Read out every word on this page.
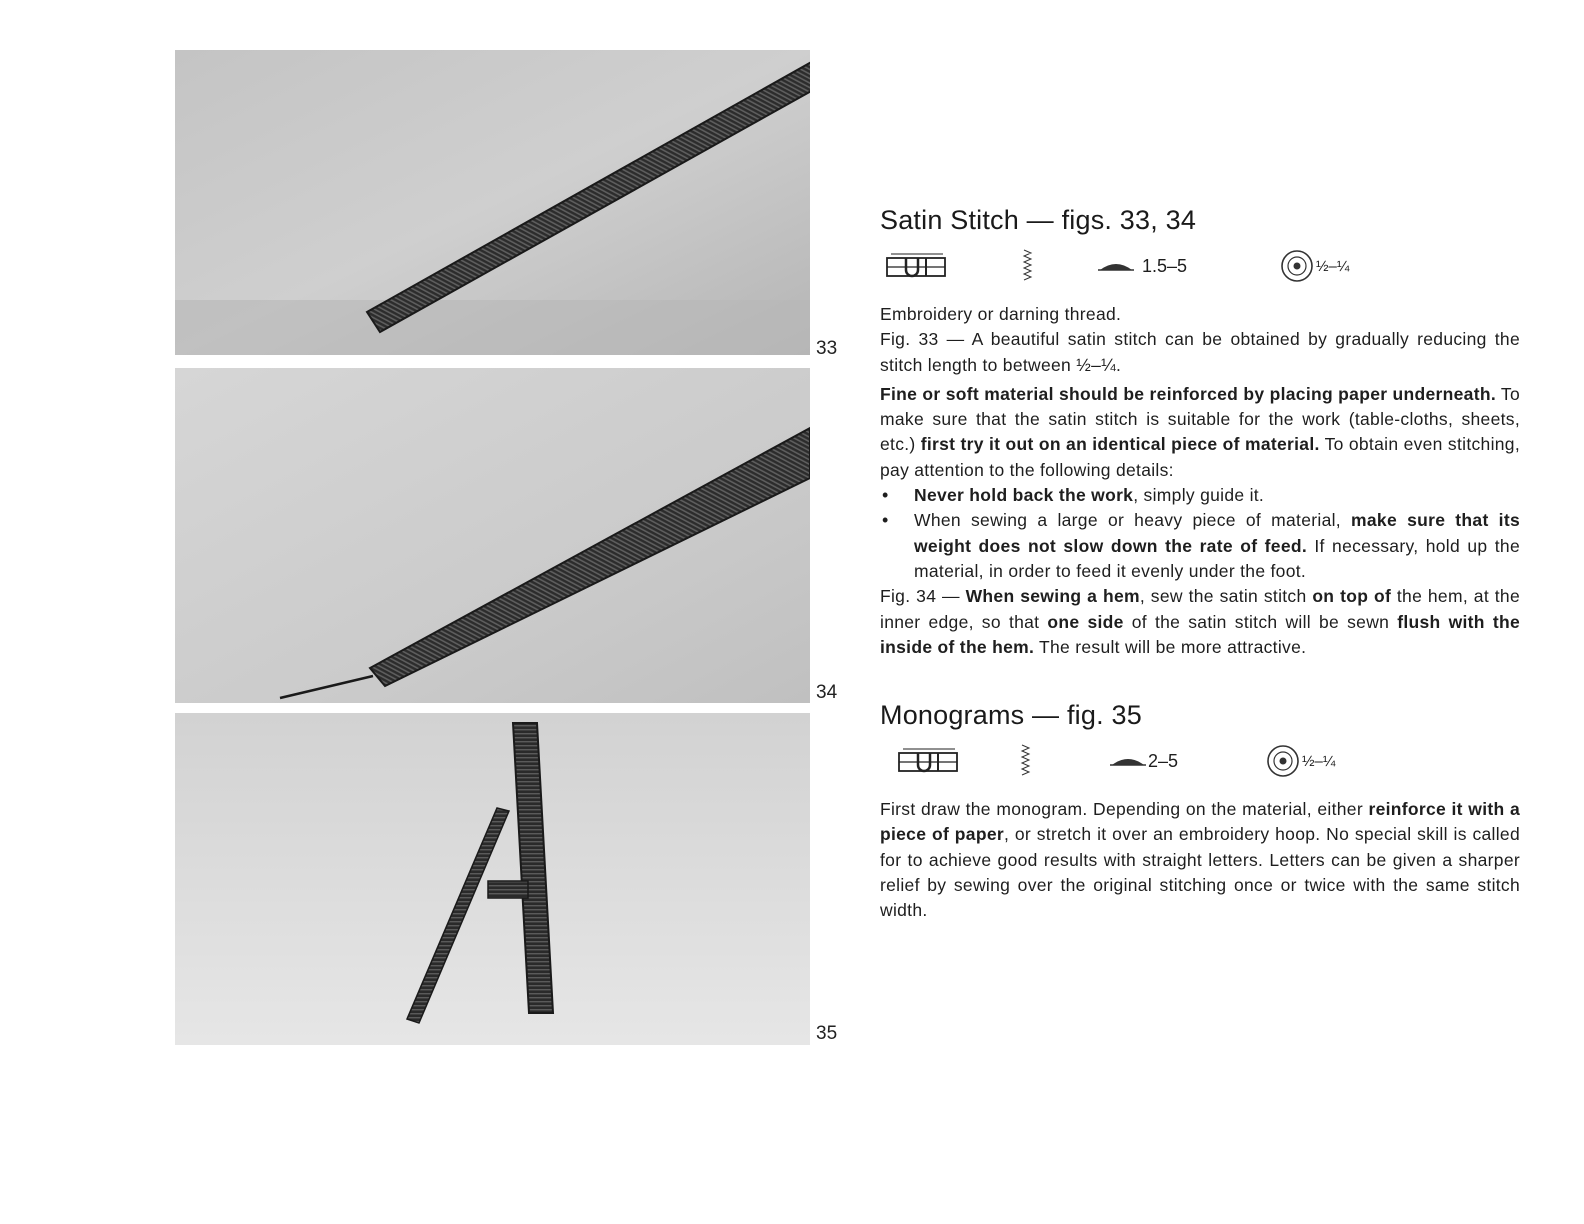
33
34
35
Satin Stitch — figs. 33, 34
1.5–5	½–¼

Embroidery or darning thread.
Fig. 33 — A beautiful satin stitch can be obtained by gradually reducing the stitch length to between ½–¼.

Fine or soft material should be reinforced by placing paper underneath. To make sure that the satin stitch is suitable for the work (table-cloths, sheets, etc.) first try it out on an identical piece of material. To obtain even stitching, pay attention to the following details:

• Never hold back the work, simply guide it.
• When sewing a large or heavy piece of material, make sure that its weight does not slow down the rate of feed. If necessary, hold up the material, in order to feed it evenly under the foot.

Fig. 34 — When sewing a hem, sew the satin stitch on top of the hem, at the inner edge, so that one side of the satin stitch will be sewn flush with the inside of the hem. The result will be more attractive.

Monograms — fig. 35
2–5	½–¼

First draw the monogram. Depending on the material, either reinforce it with a piece of paper, or stretch it over an embroidery hoop. No special skill is called for to achieve good results with straight letters. Letters can be given a sharper relief by sewing over the original stitching once or twice with the same stitch width.
